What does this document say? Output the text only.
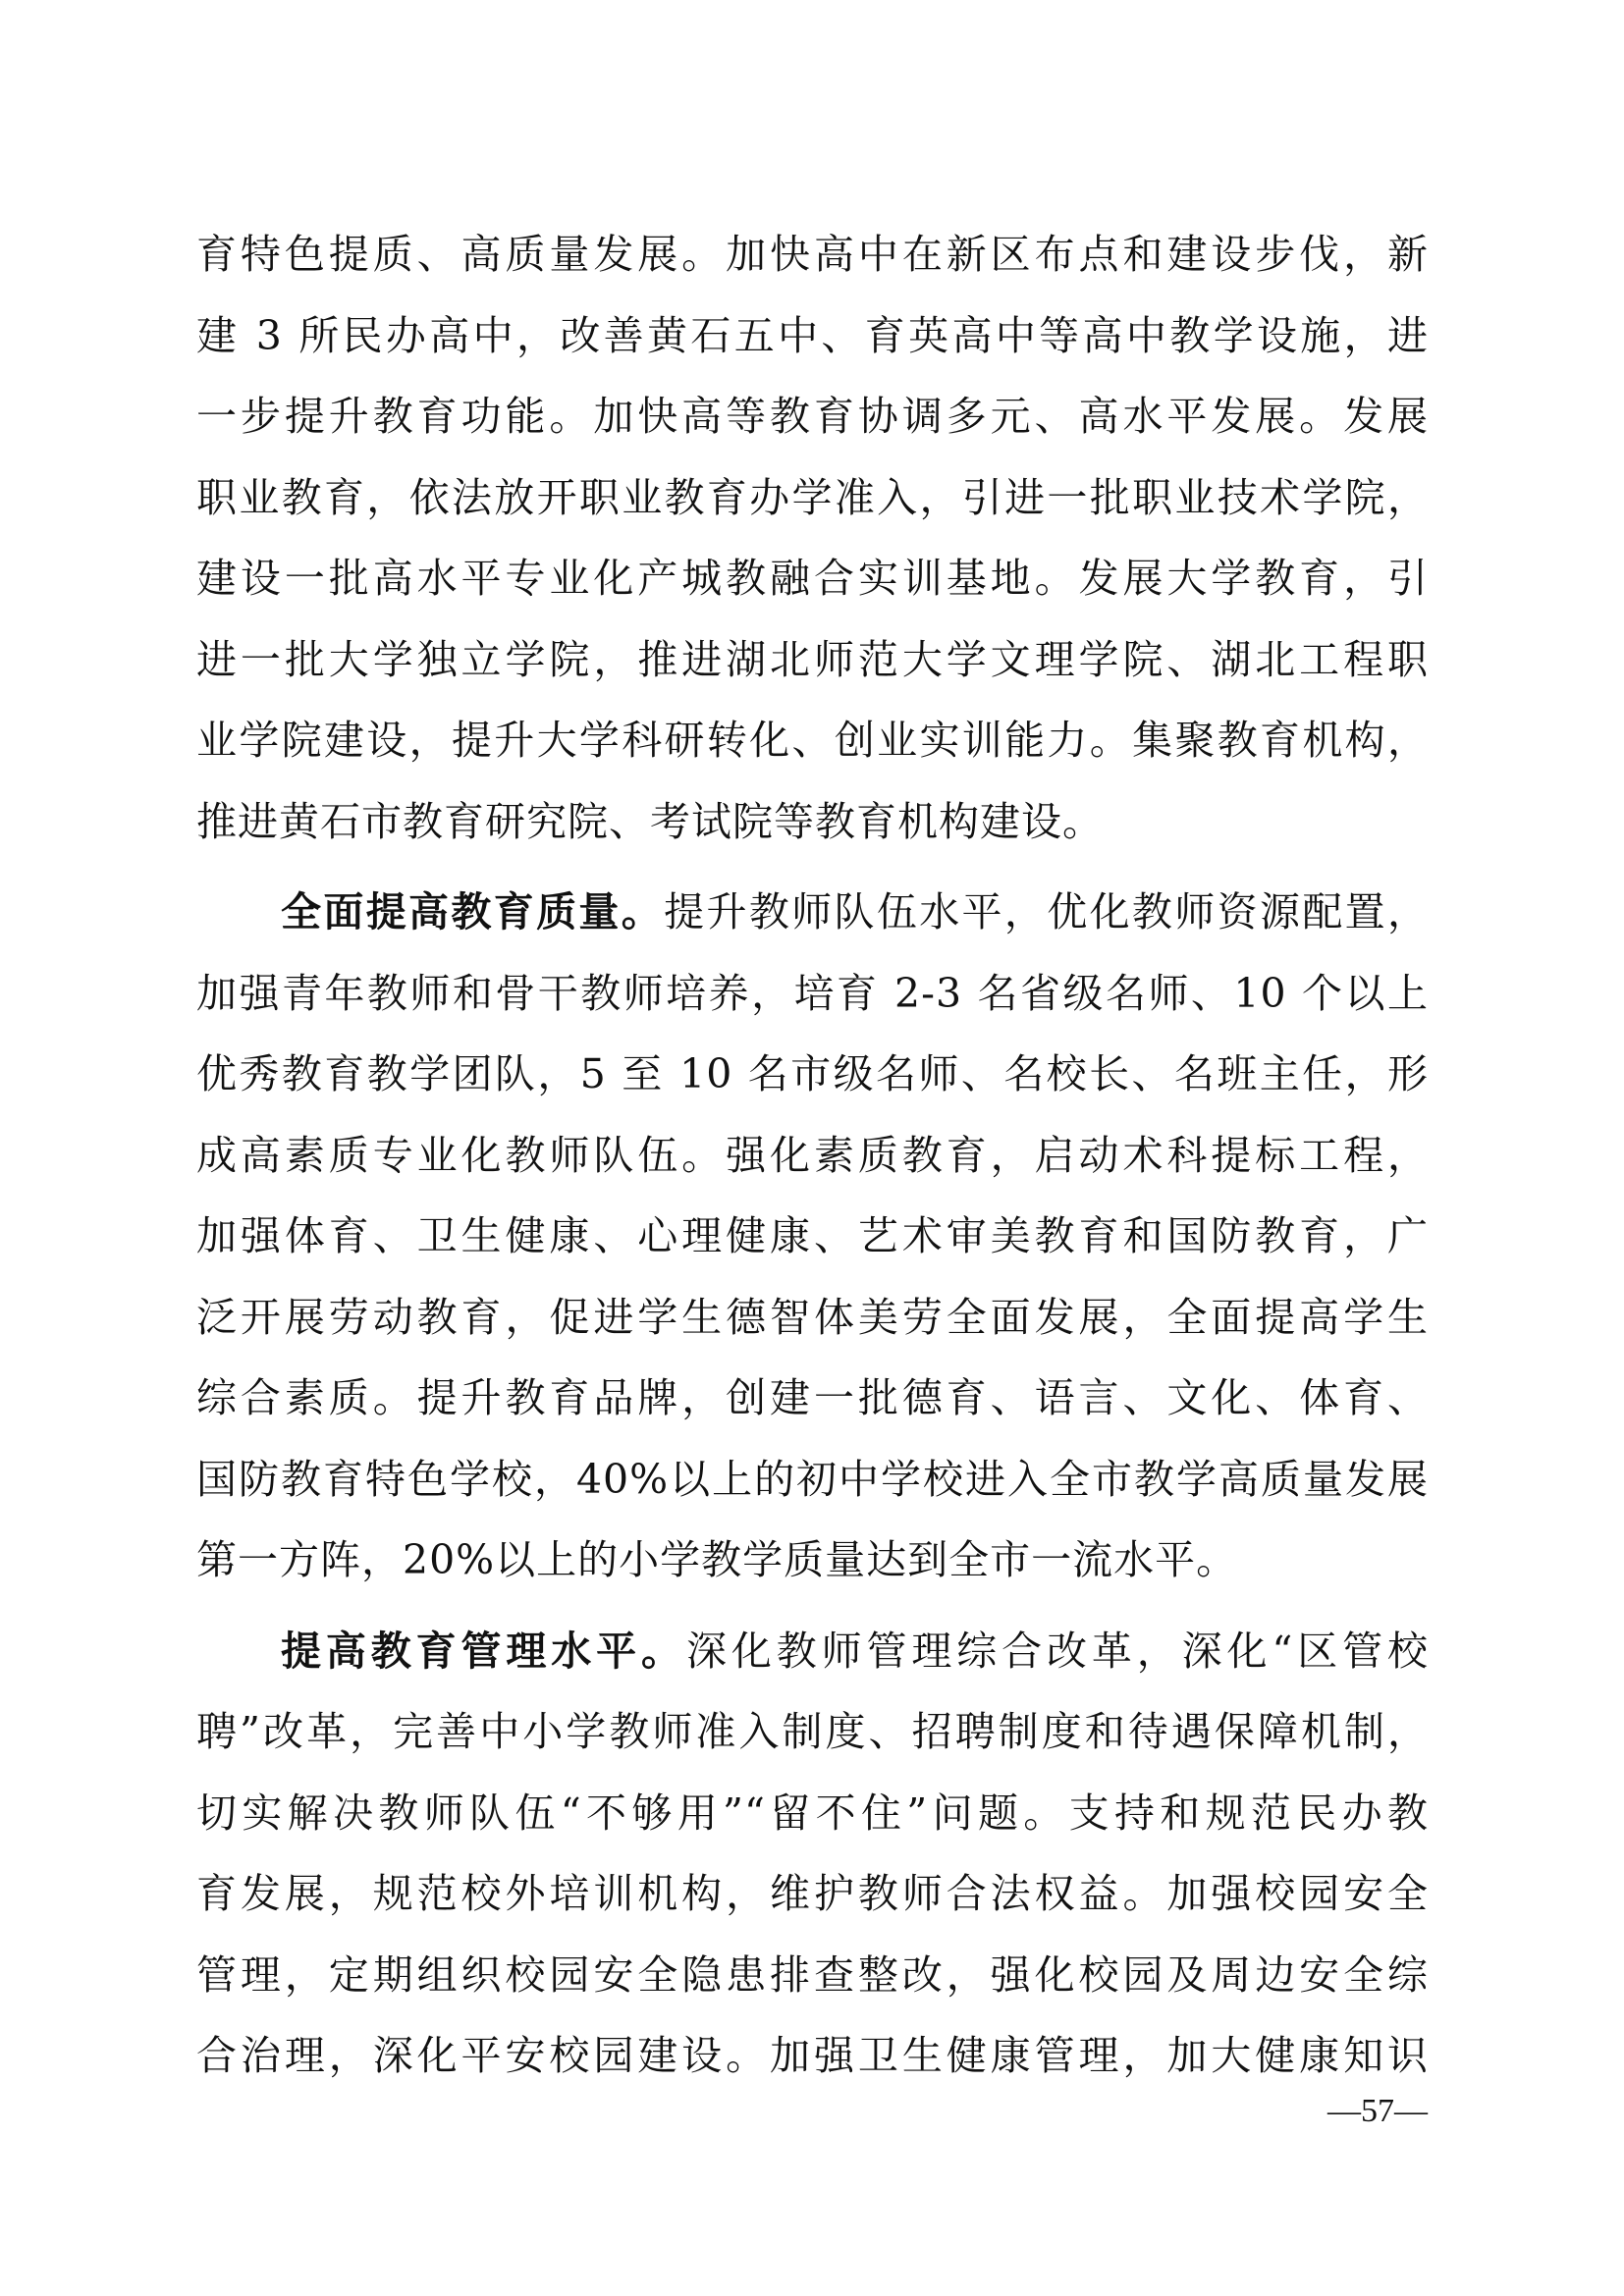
育特色提质、高质量发展。加快高中在新区布点和建设步伐，新
建 3 所民办高中，改善黄石五中、育英高中等高中教学设施，进
一步提升教育功能。加快高等教育协调多元、高水平发展。发展
职业教育，依法放开职业教育办学准入，引进一批职业技术学院，
建设一批高水平专业化产城教融合实训基地。发展大学教育，引
进一批大学独立学院，推进湖北师范大学文理学院、湖北工程职
业学院建设，提升大学科研转化、创业实训能力。集聚教育机构，
推进黄石市教育研究院、考试院等教育机构建设。
全面提高教育质量。提升教师队伍水平，优化教师资源配置，
加强青年教师和骨干教师培养，培育 2-3 名省级名师、10 个以上
优秀教育教学团队，5 至 10 名市级名师、名校长、名班主任，形
成高素质专业化教师队伍。强化素质教育，启动术科提标工程，
加强体育、卫生健康、心理健康、艺术审美教育和国防教育，广
泛开展劳动教育，促进学生德智体美劳全面发展，全面提高学生
综合素质。提升教育品牌，创建一批德育、语言、文化、体育、
国防教育特色学校，40%以上的初中学校进入全市教学高质量发展
第一方阵，20%以上的小学教学质量达到全市一流水平。
提高教育管理水平。深化教师管理综合改革，深化“区管校
聘”改革，完善中小学教师准入制度、招聘制度和待遇保障机制，
切实解决教师队伍“不够用”“留不住”问题。支持和规范民办教
育发展，规范校外培训机构，维护教师合法权益。加强校园安全
管理，定期组织校园安全隐患排查整改，强化校园及周边安全综
合治理，深化平安校园建设。加强卫生健康管理，加大健康知识
—57—
